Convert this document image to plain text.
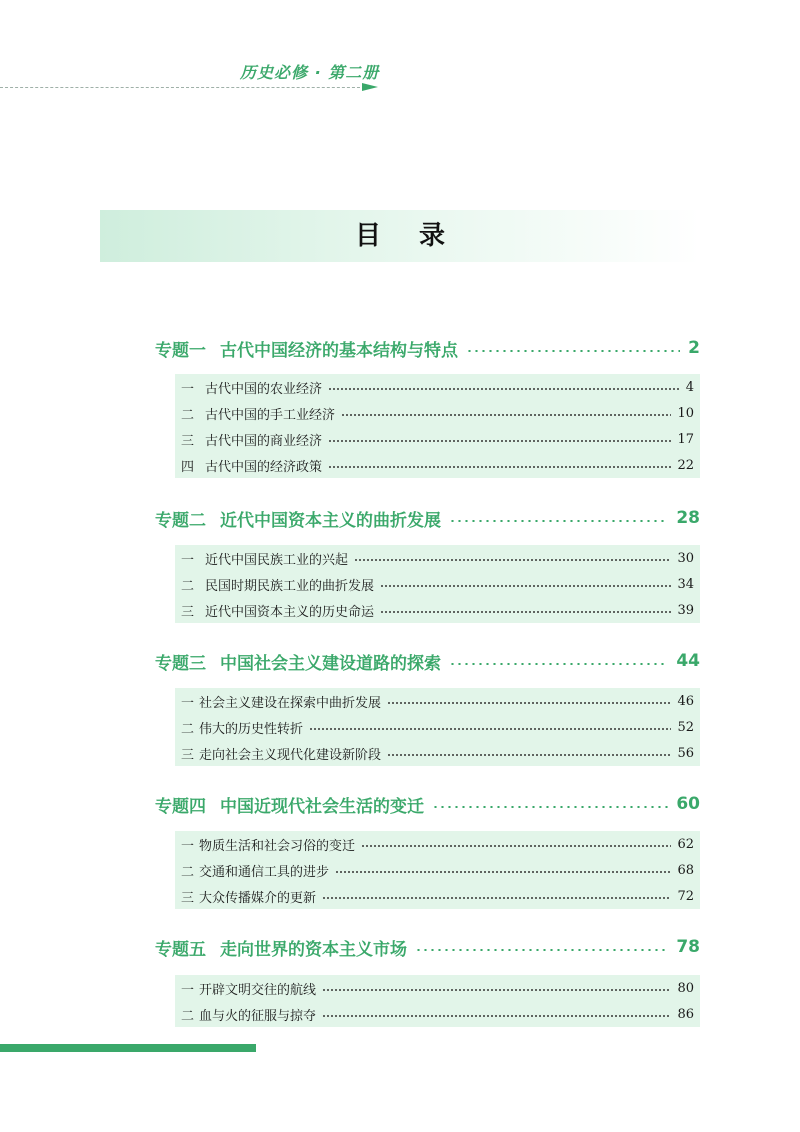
历史必修 · 第二册
目录
专题一 古代中国经济的基本结构与特点	2
一 古代中国的农业经济	4
二 古代中国的手工业经济	10
三 古代中国的商业经济	17
四 古代中国的经济政策	22
专题二 近代中国资本主义的曲折发展	28
一 近代中国民族工业的兴起	30
二 民国时期民族工业的曲折发展	34
三 近代中国资本主义的历史命运	39
专题三 中国社会主义建设道路的探索	44
一 社会主义建设在探索中曲折发展	46
二 伟大的历史性转折	52
三 走向社会主义现代化建设新阶段	56
专题四 中国近现代社会生活的变迁	60
一 物质生活和社会习俗的变迁	62
二 交通和通信工具的进步	68
三 大众传播媒介的更新	72
专题五 走向世界的资本主义市场	78
一 开辟文明交往的航线	80
二 血与火的征服与掠夺	86
